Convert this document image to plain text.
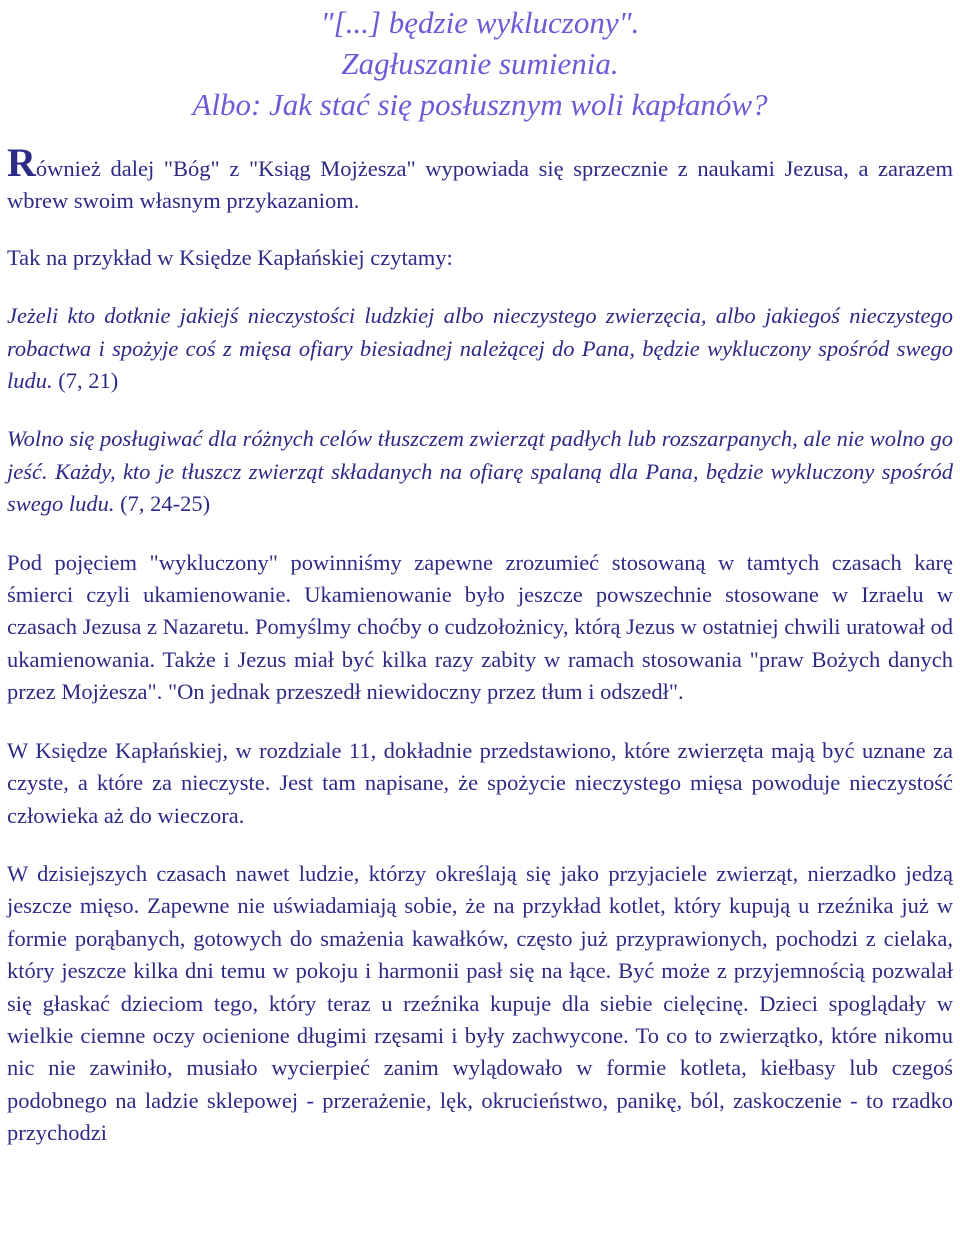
"[...] będzie wykluczony".
Zagłuszanie sumienia.
Albo: Jak stać się posłusznym woli kapłanów?

Również dalej "Bóg" z "Ksiąg Mojżesza" wypowiada się sprzecznie z naukami Jezusa, a zarazem wbrew swoim własnym przykazaniom.

Tak na przykład w Księdze Kapłańskiej czytamy:

Jeżeli kto dotknie jakiejś nieczystości ludzkiej albo nieczystego zwierzęcia, albo jakiegoś nieczystego robactwa i spożyje coś z mięsa ofiary biesiadnej należącej do Pana, będzie wykluczony spośród swego ludu. (7, 21)

Wolno się posługiwać dla różnych celów tłuszczem zwierząt padłych lub rozszarpanych, ale nie wolno go jeść. Każdy, kto je tłuszcz zwierząt składanych na ofiarę spalaną dla Pana, będzie wykluczony spośród swego ludu. (7, 24-25)

Pod pojęciem "wykluczony" powinniśmy zapewne zrozumieć stosowaną w tamtych czasach karę śmierci czyli ukamienowanie. Ukamienowanie było jeszcze powszechnie stosowane w Izraelu w czasach Jezusa z Nazaretu. Pomyślmy choćby o cudzołożnicy, którą Jezus w ostatniej chwili uratował od ukamienowania. Także i Jezus miał być kilka razy zabity w ramach stosowania "praw Bożych danych przez Mojżesza". "On jednak przeszedł niewidoczny przez tłum i odszedł".

W Księdze Kapłańskiej, w rozdziale 11, dokładnie przedstawiono, które zwierzęta mają być uznane za czyste, a które za nieczyste. Jest tam napisane, że spożycie nieczystego mięsa powoduje nieczystość człowieka aż do wieczora.

W dzisiejszych czasach nawet ludzie, którzy określają się jako przyjaciele zwierząt, nierzadko jedzą jeszcze mięso. Zapewne nie uświadamiają sobie, że na przykład kotlet, który kupują u rzeźnika już w formie porąbanych, gotowych do smażenia kawałków, często już przyprawionych, pochodzi z cielaka, który jeszcze kilka dni temu w pokoju i harmonii pasł się na łące. Być może z przyjemnością pozwalał się głaskać dzieciom tego, który teraz u rzeźnika kupuje dla siebie cielęcinę. Dzieci spoglądały w wielkie ciemne oczy ocienione długimi rzęsami i były zachwycone. To co to zwierzątko, które nikomu nic nie zawiniło, musiało wycierpieć zanim wylądowało w formie kotleta, kiełbasy lub czegoś podobnego na ladzie sklepowej - przerażenie, lęk, okrucieństwo, panikę, ból, zaskoczenie - to rzadko przychodzi
